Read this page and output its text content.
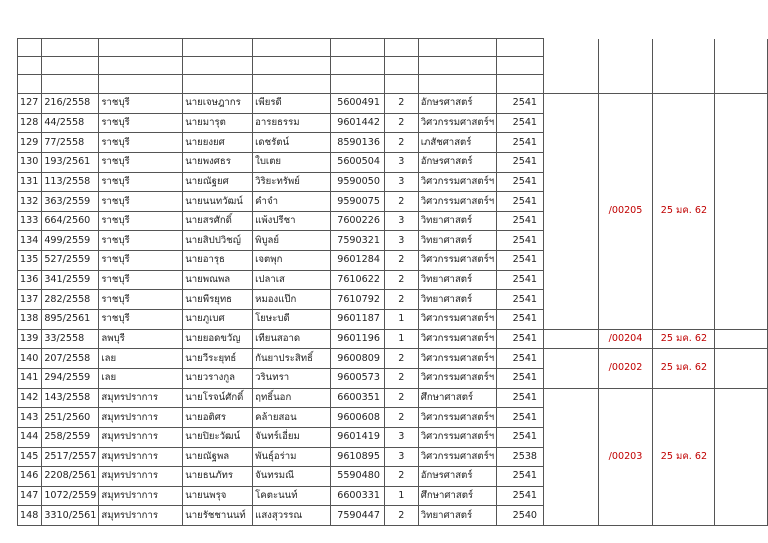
127	216/2558	ราชบุรี	นายเจษฎากร	เพียรดี	5600491	2	อักษรศาสตร์	2541		/00205	25 มค. 62	
128	44/2558	ราชบุรี	นายมารุต	อารยธรรม	9601442	2	วิศวกรรมศาสตร์ฯ	2541				
129	77/2558	ราชบุรี	นายยงยศ	เดชรัตน์	8590136	2	เภสัชศาสตร์	2541				
130	193/2561	ราชบุรี	นายพงศธร	ใบเตย	5600504	3	อักษรศาสตร์	2541				
131	113/2558	ราชบุรี	นายณัฐยศ	วิริยะทรัพย์	9590050	3	วิศวกรรมศาสตร์ฯ	2541				
132	363/2559	ราชบุรี	นายนนทวัฒน์	คำจำ	9590075	2	วิศวกรรมศาสตร์ฯ	2541				
133	664/2560	ราชบุรี	นายสรศักดิ์	แพ้งปรีชา	7600226	3	วิทยาศาสตร์	2541				
134	499/2559	ราชบุรี	นายสิปปวิชญ์	พิบูลย์	7590321	3	วิทยาศาสตร์	2541				
135	527/2559	ราชบุรี	นายอารุธ	เจตพุก	9601284	2	วิศวกรรมศาสตร์ฯ	2541				
136	341/2559	ราชบุรี	นายพณพล	เปลาเส	7610622	2	วิทยาศาสตร์	2541				
137	282/2558	ราชบุรี	นายพีรยุทธ	หมองแป๊ก	7610792	2	วิทยาศาสตร์	2541				
138	895/2561	ราชบุรี	นายภูเบศ	โยษะบดี	9601187	1	วิศวกรรมศาสตร์ฯ	2541				
139	33/2558	ลพบุรี	นายยอดขวัญ	เทียนสอาด	9601196	1	วิศวกรรมศาสตร์ฯ	2541		/00204	25 มค. 62	
140	207/2558	เลย	นายวีระยุทธ์	กันยาประสิทธิ์	9600809	2	วิศวกรรมศาสตร์ฯ	2541		/00202	25 มค. 62	
141	294/2559	เลย	นายวรางกูล	วรินทรา	9600573	2	วิศวกรรมศาสตร์ฯ	2541				
142	143/2558	สมุทรปราการ	นายโรจน์ศักดิ์	ฤทธิ์นอก	6600351	2	ศึกษาศาสตร์	2541		/00203	25 มค. 62	
143	251/2560	สมุทรปราการ	นายอติศร	คล้ายสอน	9600608	2	วิศวกรรมศาสตร์ฯ	2541				
144	258/2559	สมุทรปราการ	นายปิยะวัฒน์	จันทร์เอี่ยม	9601419	3	วิศวกรรมศาสตร์ฯ	2541				
145	2517/2557	สมุทรปราการ	นายณัฐพล	พันธุ์อร่าม	9610895	3	วิศวกรรมศาสตร์ฯ	2538				
146	2208/2561	สมุทรปราการ	นายธนภัทร	จันทรมณี	5590480	2	อักษรศาสตร์	2541				
147	1072/2559	สมุทรปราการ	นายนพรุจ	โคตะนนท์	6600331	1	ศึกษาศาสตร์	2541				
148	3310/2561	สมุทรปราการ	นายรัชชานนท์	แสงสุวรรณ	7590447	2	วิทยาศาสตร์	2540				
